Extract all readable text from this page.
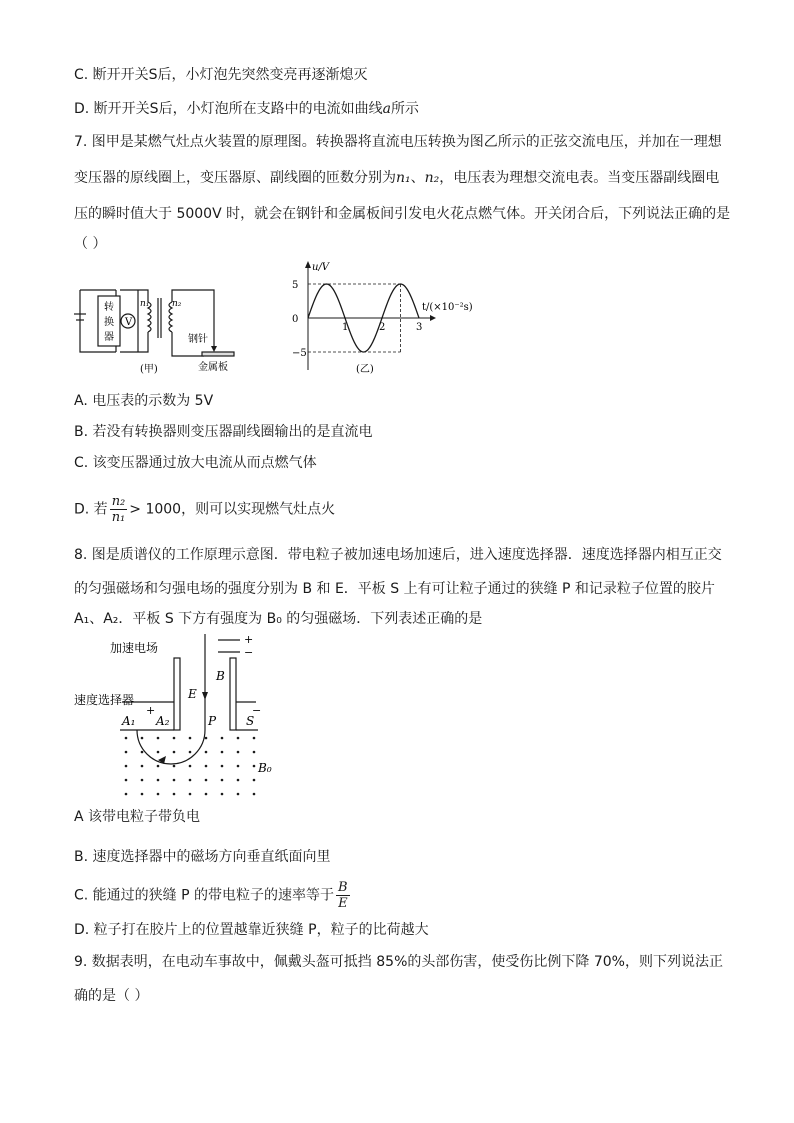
C. 断开开关S后，小灯泡先突然变亮再逐渐熄灭
D. 断开开关S后，小灯泡所在支路中的电流如曲线a所示
7. 图甲是某燃气灶点火装置的原理图。转换器将直流电压转换为图乙所示的正弦交流电压，并加在一理想
变压器的原线圈上，变压器原、副线圈的匝数分别为n₁、n₂，电压表为理想交流电表。当变压器副线圈电
压的瞬时值大于 5000V 时，就会在钢针和金属板间引发电火花点燃气体。开关闭合后，下列说法正确的是
（ ）
V
转
换
器
n₁	n₂
钢针
金属板
(甲)
u/V
t/(×10⁻²s)
1	2	3
5
0
−5
(乙)
A. 电压表的示数为 5V
B. 若没有转换器则变压器副线圈输出的是直流电
C. 该变压器通过放大电流从而点燃气体
D. 若 $\frac{\text{n₂}}{\text{n₁}} > 1000$，则可以实现燃气灶点火
8. 图是质谱仪的工作原理示意图．带电粒子被加速电场加速后，进入速度选择器．速度选择器内相互正交
的匀强磁场和匀强电场的强度分别为 B 和 E．平板 S 上有可让粒子通过的狭缝 P 和记录粒子位置的胶片
A₁、A₂．平板 S 下方有强度为 B₀ 的匀强磁场．下列表述正确的是
加速电场
速度选择器
+
−
+	−
E
B
A₁ A₂	P S
B₀
A 该带电粒子带负电
B. 速度选择器中的磁场方向垂直纸面向里
C. 能通过的狭缝 P 的带电粒子的速率等于 $\frac{B}{E}$
D. 粒子打在胶片上的位置越靠近狭缝 P，粒子的比荷越大
9. 数据表明，在电动车事故中，佩戴头盔可抵挡 85%的头部伤害，使受伤比例下降 70%，则下列说法正
确的是（ ）
